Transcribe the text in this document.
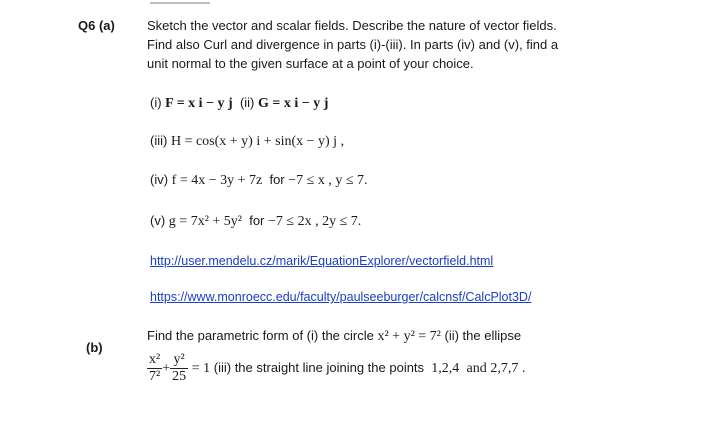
Q6 (a) Sketch the vector and scalar fields. Describe the nature of vector fields.
Find also Curl and divergence in parts (i)-(iii). In parts (iv) and (v), find a
unit normal to the given surface at a point of your choice.
(i) F = x i − y j (ii) G = x i − y j
(iii) H = cos(x + y) i + sin(x − y) j ,
(iv) f = 4x − 3y + 7z for −7 ≤ x , y ≤ 7.
(v) g = 7x² + 5y² for −7 ≤ 2x , 2y ≤ 7.
http://user.mendelu.cz/marik/EquationExplorer/vectorfield.html
https://www.monroecc.edu/faculty/paulseeburger/calcnsf/CalcPlot3D/
(b)
Find the parametric form of (i) the circle x² + y² = 7² (ii) the ellipse
$\frac{\text{x²}}{\text{7²}} + \frac{\text{y²}}{25} = 1$ (iii) the straight line joining the points 1,2,4 and 2,7,7 .
